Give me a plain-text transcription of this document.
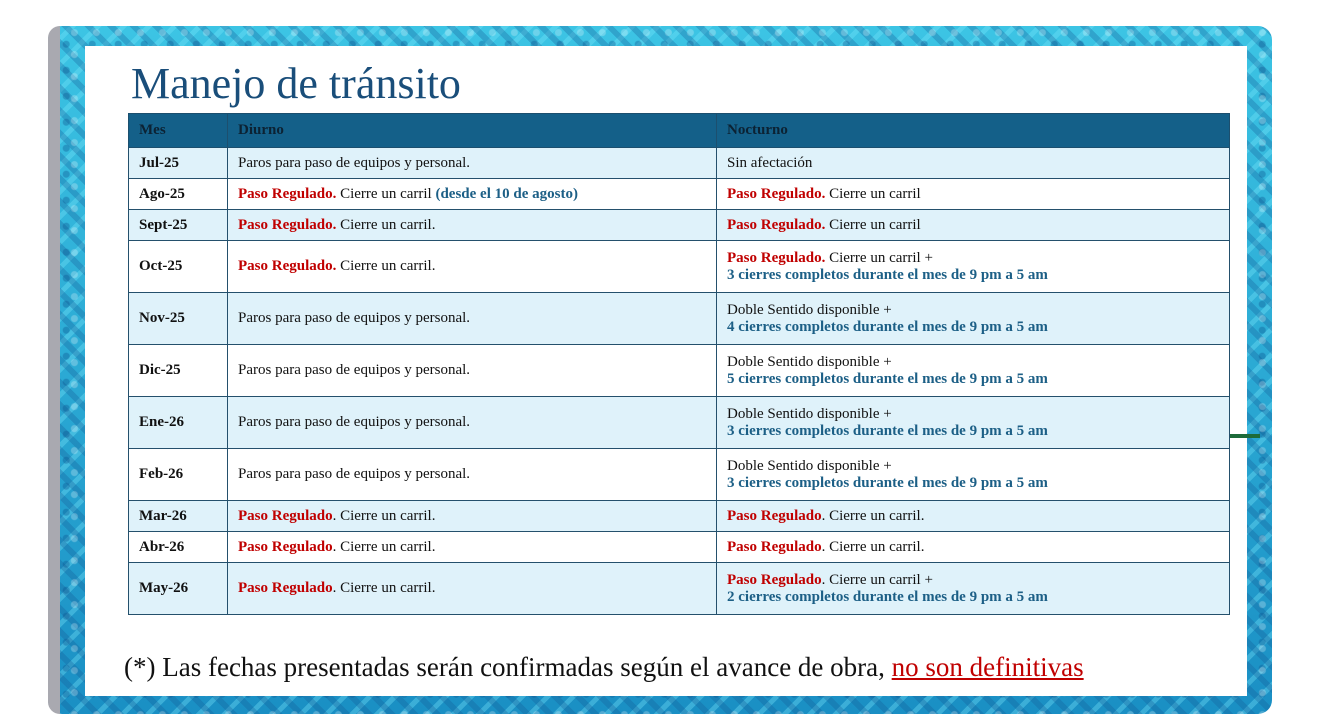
Manejo de tránsito
Mes	Diurno	Nocturno
Jul-25	Paros para paso de equipos y personal.	Sin afectación
Ago-25	Paso Regulado. Cierre un carril (desde el 10 de agosto)	Paso Regulado. Cierre un carril
Sept-25	Paso Regulado. Cierre un carril.	Paso Regulado. Cierre un carril
Oct-25	Paso Regulado. Cierre un carril.	Paso Regulado. Cierre un carril +
3 cierres completos durante el mes de 9 pm a 5 am

Nov-25	Paros para paso de equipos y personal.	Doble Sentido disponible +
4 cierres completos durante el mes de 9 pm a 5 am

Dic-25	Paros para paso de equipos y personal.	Doble Sentido disponible +
5 cierres completos durante el mes de 9 pm a 5 am

Ene-26	Paros para paso de equipos y personal.	Doble Sentido disponible +
3 cierres completos durante el mes de 9 pm a 5 am

Feb-26	Paros para paso de equipos y personal.	Doble Sentido disponible +
3 cierres completos durante el mes de 9 pm a 5 am

Mar-26	Paso Regulado. Cierre un carril.	Paso Regulado. Cierre un carril.
Abr-26	Paso Regulado. Cierre un carril.	Paso Regulado. Cierre un carril.
May-26	Paso Regulado. Cierre un carril.	Paso Regulado. Cierre un carril +
2 cierres completos durante el mes de 9 pm a 5 am
(*) Las fechas presentadas serán confirmadas según el avance de obra, no son definitivas
